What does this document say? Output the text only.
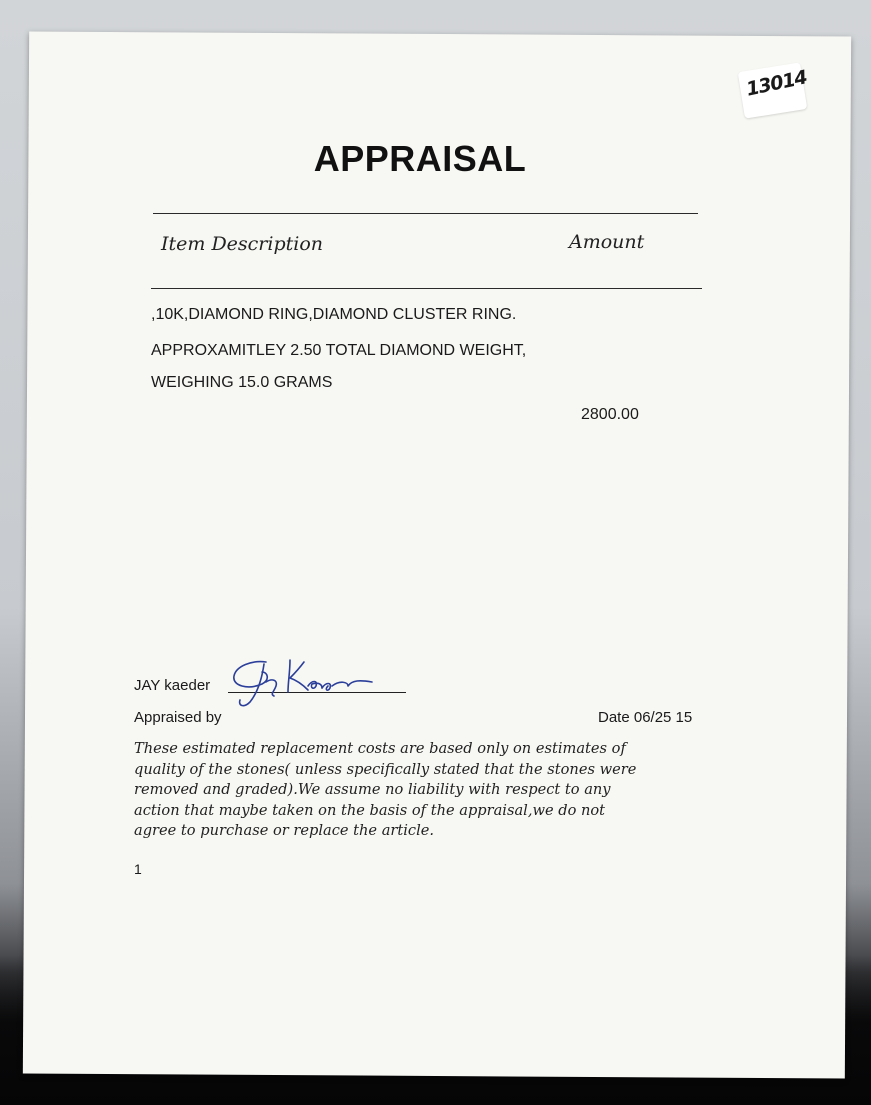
13014
APPRAISAL
Item Description	Amount
,10K,DIAMOND RING,DIAMOND CLUSTER RING.
APPROXAMITLEY 2.50 TOTAL DIAMOND WEIGHT,
WEIGHING 15.0 GRAMS
2800.00
JAY kaeder
Appraised by	Date 06/25 15
These estimated replacement costs are based only on estimates of
quality of the stones( unless specifically stated that the stones were
removed and graded).We assume no liability with respect to any
action that maybe taken on the basis of the appraisal,we do not
agree to purchase or replace the article.
1
